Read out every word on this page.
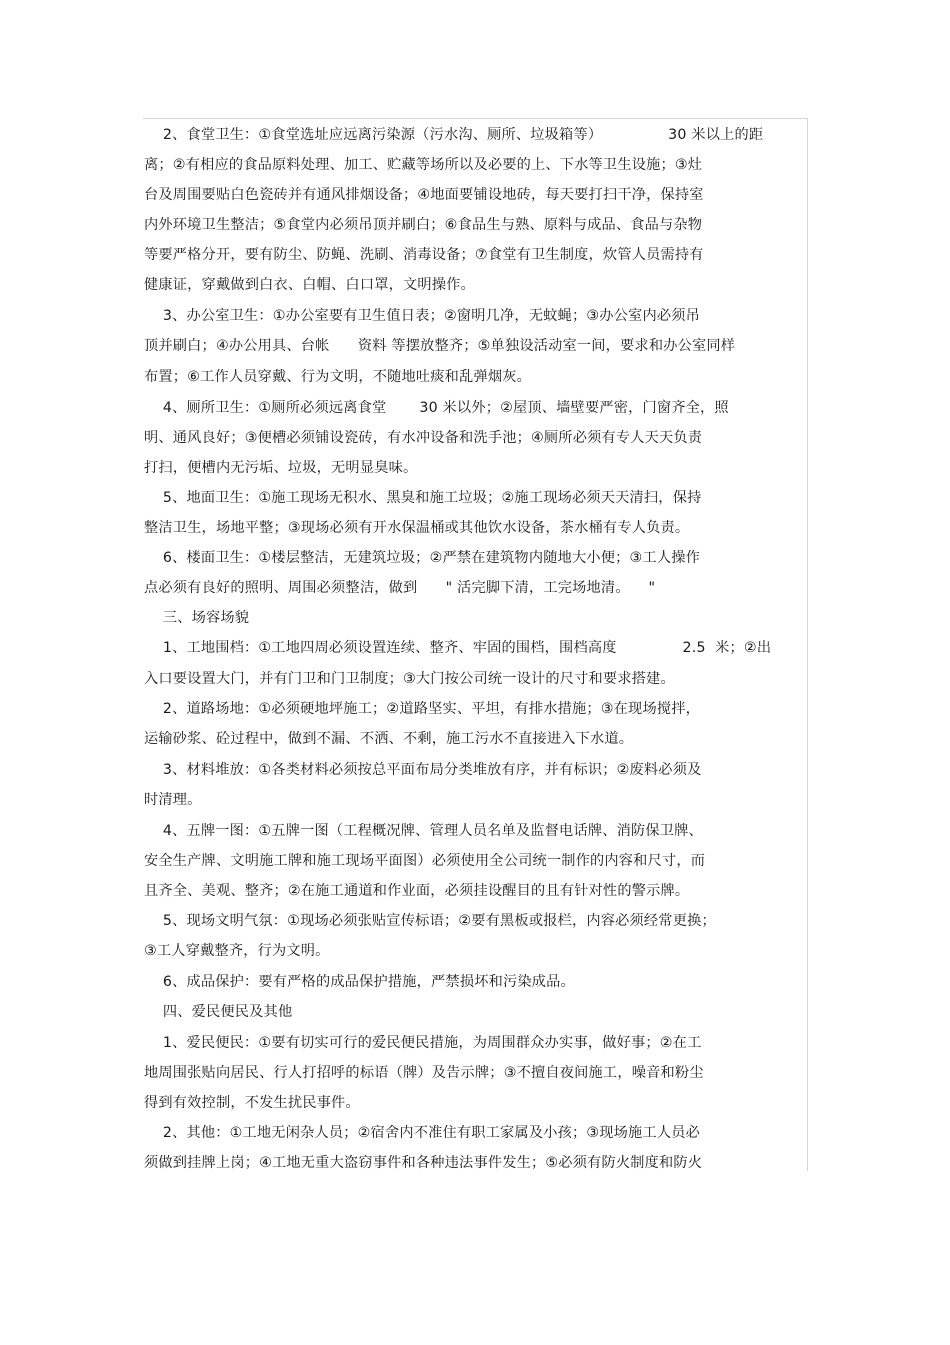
2、食堂卫生：①食堂选址应远离污染源（污水沟、厕所、垃圾箱等）              30 米以上的距
离；②有相应的食品原料处理、加工、贮藏等场所以及必要的上、下水等卫生设施；③灶
台及周围要贴白色瓷砖并有通风排烟设备；④地面要铺设地砖，每天要打扫干净，保持室
内外环境卫生整洁；⑤食堂内必须吊顶并刷白；⑥食品生与熟、原料与成品、食品与杂物
等要严格分开，要有防尘、防蝇、洗刷、消毒设备；⑦食堂有卫生制度，炊管人员需持有
健康证，穿戴做到白衣、白帽、白口罩，文明操作。
3、办公室卫生：①办公室要有卫生值日表；②窗明几净，无蚊蝇；③办公室内必须吊
顶并刷白；④办公用具、台帐      资料 等摆放整齐；⑤单独设活动室一间，要求和办公室同样
布置；⑥工作人员穿戴、行为文明，不随地吐痰和乱弹烟灰。
4、厕所卫生：①厕所必须远离食堂       30 米以外；②屋顶、墙壁要严密，门窗齐全，照
明、通风良好；③便槽必须铺设瓷砖，有水冲设备和洗手池；④厕所必须有专人天天负责
打扫，便槽内无污垢、垃圾，无明显臭味。
5、地面卫生：①施工现场无积水、黑臭和施工垃圾；②施工现场必须天天清扫，保持
整洁卫生，场地平整；③现场必须有开水保温桶或其他饮水设备，茶水桶有专人负责。
6、楼面卫生：①楼层整洁，无建筑垃圾；②严禁在建筑物内随地大小便；③工人操作
点必须有良好的照明、周围必须整洁，做到      " 活完脚下清，工完场地清。    "
三、场容场貌
1、工地围档：①工地四周必须设置连续、整齐、牢固的围档，围档高度              2.5  米；②出
入口要设置大门，并有门卫和门卫制度；③大门按公司统一设计的尺寸和要求搭建。
2、道路场地：①必须硬地坪施工；②道路坚实、平坦，有排水措施；③在现场搅拌，
运输砂浆、砼过程中，做到不漏、不洒、不剩，施工污水不直接进入下水道。
3、材料堆放：①各类材料必须按总平面布局分类堆放有序，并有标识；②废料必须及
时清理。
4、五牌一图：①五牌一图（工程概况牌、管理人员名单及监督电话牌、消防保卫牌、
安全生产牌、文明施工牌和施工现场平面图）必须使用全公司统一制作的内容和尺寸，而
且齐全、美观、整齐；②在施工通道和作业面，必须挂设醒目的且有针对性的警示牌。
5、现场文明气氛：①现场必须张贴宣传标语；②要有黑板或报栏，内容必须经常更换；
③工人穿戴整齐，行为文明。
6、成品保护：要有严格的成品保护措施，严禁损坏和污染成品。
四、爱民便民及其他
1、爱民便民：①要有切实可行的爱民便民措施，为周围群众办实事，做好事；②在工
地周围张贴向居民、行人打招呼的标语（牌）及告示牌；③不擅自夜间施工，噪音和粉尘
得到有效控制，不发生扰民事件。
2、其他：①工地无闲杂人员；②宿舍内不准住有职工家属及小孩；③现场施工人员必
须做到挂牌上岗；④工地无重大盗窃事件和各种违法事件发生；⑤必须有防火制度和防火
